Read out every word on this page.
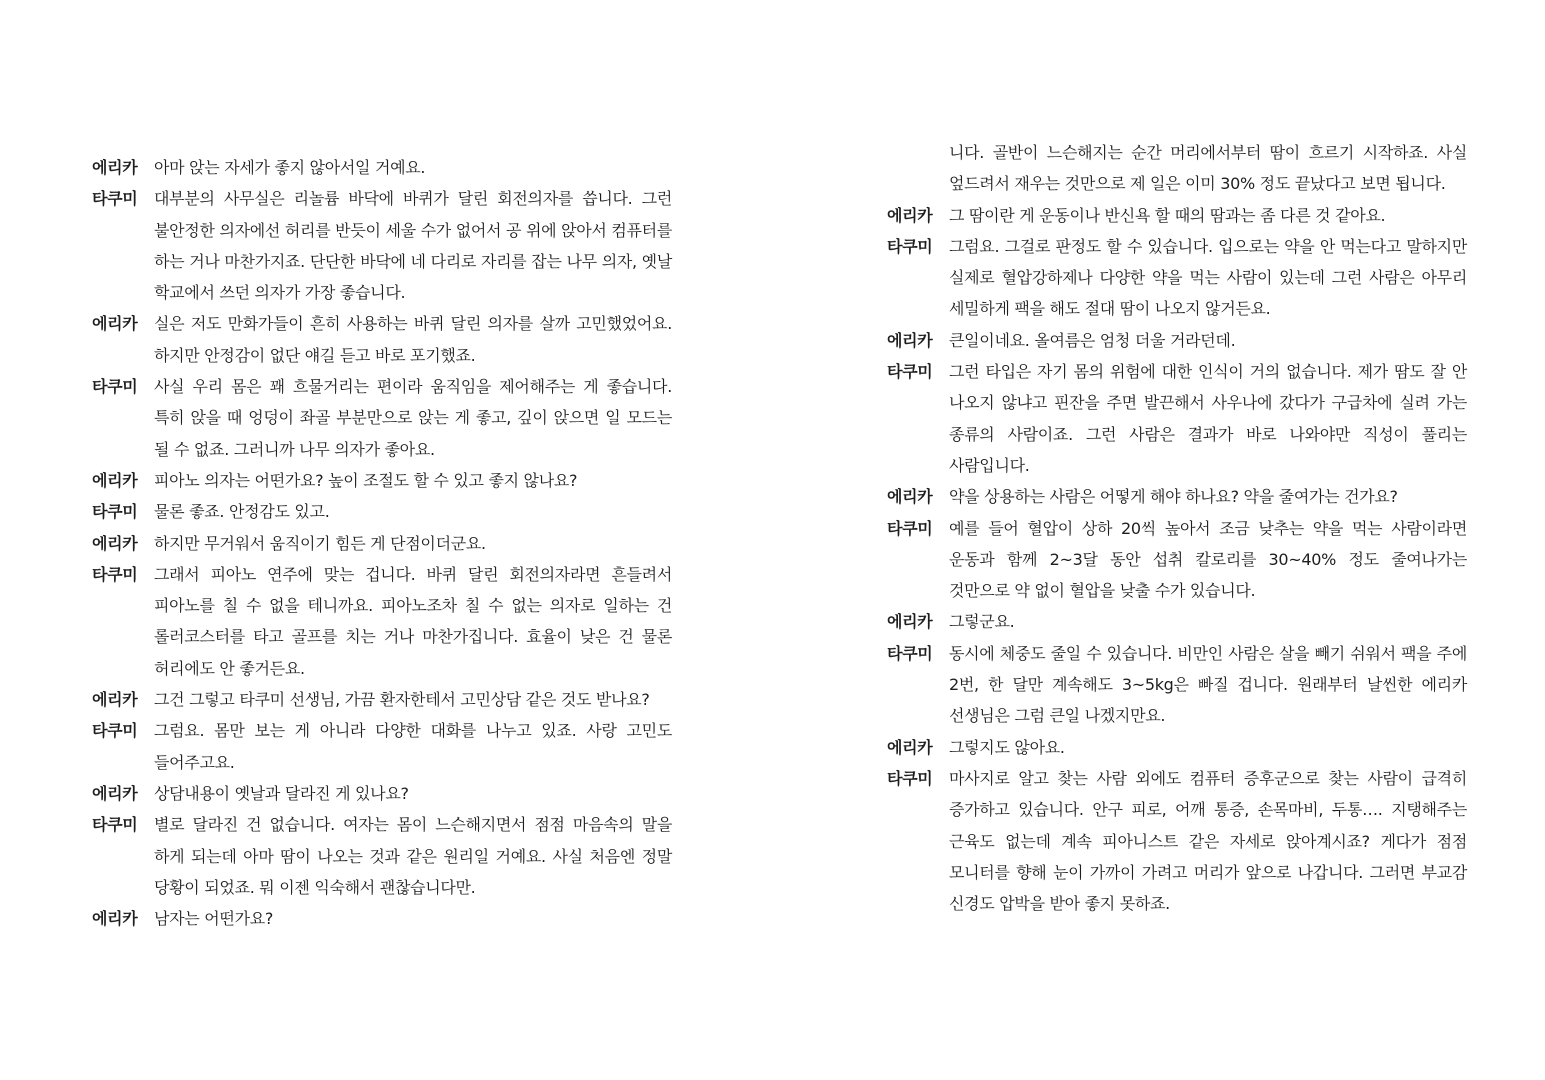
에리카	아마 앉는 자세가 좋지 않아서일 거예요.
타쿠미	대부분의 사무실은 리놀륨 바닥에 바퀴가 달린 회전의자를 씁니다. 그런 불안정한 의자에선 허리를 반듯이 세울 수가 없어서 공 위에 앉아서 컴퓨터를 하는 거나 마찬가지죠. 단단한 바닥에 네 다리로 자리를 잡는 나무 의자, 옛날 학교에서 쓰던 의자가 가장 좋습니다.
에리카	실은 저도 만화가들이 흔히 사용하는 바퀴 달린 의자를 살까 고민했었어요. 하지만 안정감이 없단 얘길 듣고 바로 포기했죠.
타쿠미	사실 우리 몸은 꽤 흐물거리는 편이라 움직임을 제어해주는 게 좋습니다. 특히 앉을 때 엉덩이 좌골 부분만으로 앉는 게 좋고, 깊이 앉으면 일 모드는 될 수 없죠. 그러니까 나무 의자가 좋아요.
에리카	피아노 의자는 어떤가요? 높이 조절도 할 수 있고 좋지 않나요?
타쿠미	물론 좋죠. 안정감도 있고.
에리카	하지만 무거워서 움직이기 힘든 게 단점이더군요.
타쿠미	그래서 피아노 연주에 맞는 겁니다. 바퀴 달린 회전의자라면 흔들려서 피아노를 칠 수 없을 테니까요. 피아노조차 칠 수 없는 의자로 일하는 건 롤러코스터를 타고 골프를 치는 거나 마찬가집니다. 효율이 낮은 건 물론 허리에도 안 좋거든요.
에리카	그건 그렇고 타쿠미 선생님, 가끔 환자한테서 고민상담 같은 것도 받나요?
타쿠미	그럼요. 몸만 보는 게 아니라 다양한 대화를 나누고 있죠. 사랑 고민도 들어주고요.
에리카	상담내용이 옛날과 달라진 게 있나요?
타쿠미	별로 달라진 건 없습니다. 여자는 몸이 느슨해지면서 점점 마음속의 말을 하게 되는데 아마 땀이 나오는 것과 같은 원리일 거예요. 사실 처음엔 정말 당황이 되었죠. 뭐 이젠 익숙해서 괜찮습니다만.
에리카	남자는 어떤가요?
니다. 골반이 느슨해지는 순간 머리에서부터 땀이 흐르기 시작하죠. 사실 엎드려서 재우는 것만으로 제 일은 이미 30% 정도 끝났다고 보면 됩니다.
에리카	그 땀이란 게 운동이나 반신욕 할 때의 땀과는 좀 다른 것 같아요.
타쿠미	그럼요. 그걸로 판정도 할 수 있습니다. 입으로는 약을 안 먹는다고 말하지만 실제로 혈압강하제나 다양한 약을 먹는 사람이 있는데 그런 사람은 아무리 세밀하게 팩을 해도 절대 땀이 나오지 않거든요.
에리카	큰일이네요. 올여름은 엄청 더울 거라던데.
타쿠미	그런 타입은 자기 몸의 위험에 대한 인식이 거의 없습니다. 제가 땀도 잘 안 나오지 않냐고 핀잔을 주면 발끈해서 사우나에 갔다가 구급차에 실려 가는 종류의 사람이죠. 그런 사람은 결과가 바로 나와야만 직성이 풀리는 사람입니다.
에리카	약을 상용하는 사람은 어떻게 해야 하나요? 약을 줄여가는 건가요?
타쿠미	예를 들어 혈압이 상하 20씩 높아서 조금 낮추는 약을 먹는 사람이라면 운동과 함께 2~3달 동안 섭취 칼로리를 30~40% 정도 줄여나가는 것만으로 약 없이 혈압을 낮출 수가 있습니다.
에리카	그렇군요.
타쿠미	동시에 체중도 줄일 수 있습니다. 비만인 사람은 살을 빼기 쉬워서 팩을 주에 2번, 한 달만 계속해도 3~5kg은 빠질 겁니다. 원래부터 날씬한 에리카 선생님은 그럼 큰일 나겠지만요.
에리카	그렇지도 않아요.
타쿠미	마사지로 알고 찾는 사람 외에도 컴퓨터 증후군으로 찾는 사람이 급격히 증가하고 있습니다. 안구 피로, 어깨 통증, 손목마비, 두통…. 지탱해주는 근육도 없는데 계속 피아니스트 같은 자세로 앉아계시죠? 게다가 점점 모니터를 향해 눈이 가까이 가려고 머리가 앞으로 나갑니다. 그러면 부교감 신경도 압박을 받아 좋지 못하죠.
